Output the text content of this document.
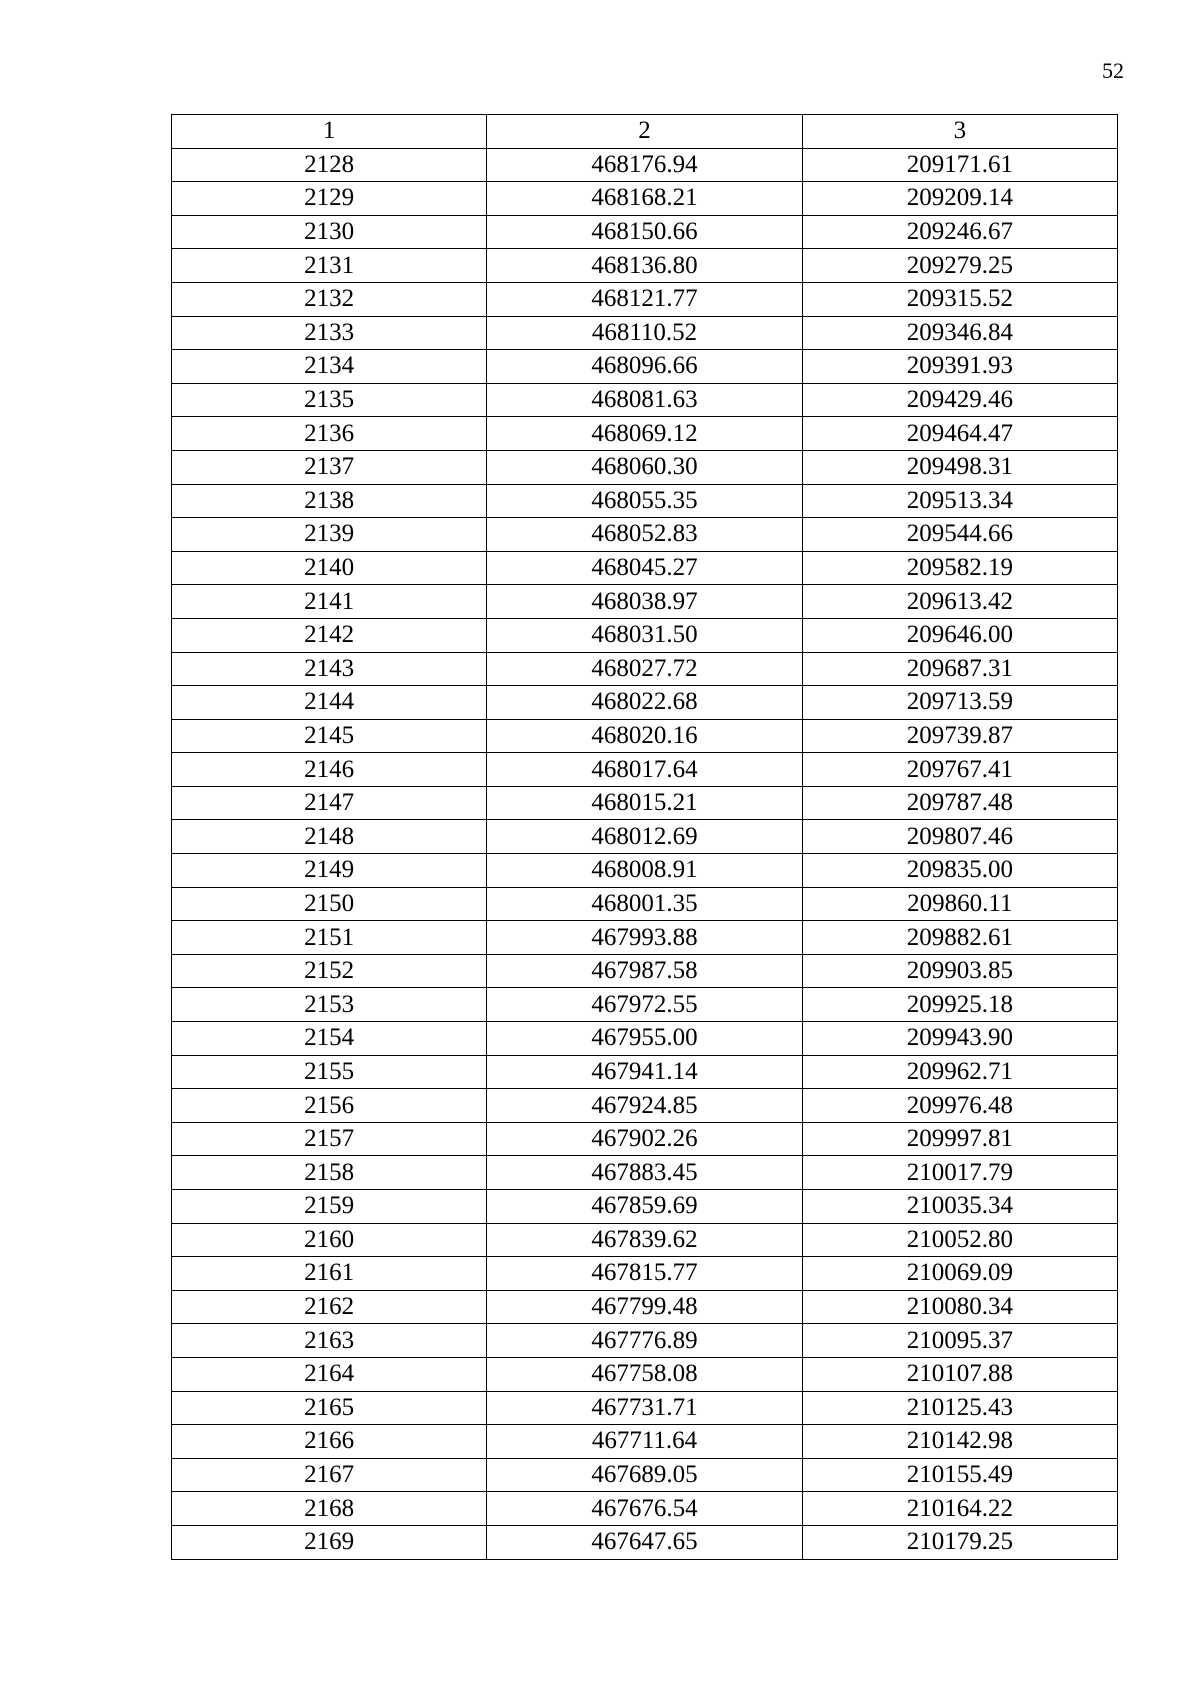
52
1	2	3
2128	468176.94	209171.61
2129	468168.21	209209.14
2130	468150.66	209246.67
2131	468136.80	209279.25
2132	468121.77	209315.52
2133	468110.52	209346.84
2134	468096.66	209391.93
2135	468081.63	209429.46
2136	468069.12	209464.47
2137	468060.30	209498.31
2138	468055.35	209513.34
2139	468052.83	209544.66
2140	468045.27	209582.19
2141	468038.97	209613.42
2142	468031.50	209646.00
2143	468027.72	209687.31
2144	468022.68	209713.59
2145	468020.16	209739.87
2146	468017.64	209767.41
2147	468015.21	209787.48
2148	468012.69	209807.46
2149	468008.91	209835.00
2150	468001.35	209860.11
2151	467993.88	209882.61
2152	467987.58	209903.85
2153	467972.55	209925.18
2154	467955.00	209943.90
2155	467941.14	209962.71
2156	467924.85	209976.48
2157	467902.26	209997.81
2158	467883.45	210017.79
2159	467859.69	210035.34
2160	467839.62	210052.80
2161	467815.77	210069.09
2162	467799.48	210080.34
2163	467776.89	210095.37
2164	467758.08	210107.88
2165	467731.71	210125.43
2166	467711.64	210142.98
2167	467689.05	210155.49
2168	467676.54	210164.22
2169	467647.65	210179.25
